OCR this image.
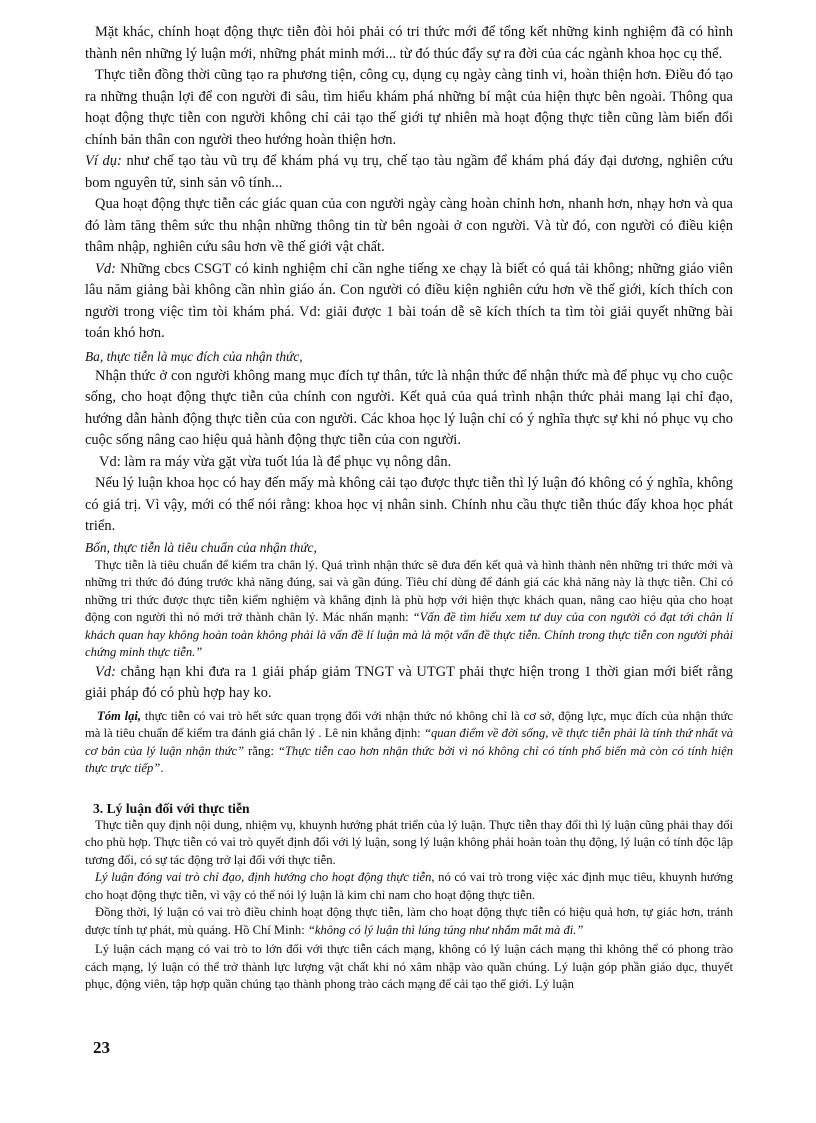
Mặt khác, chính hoạt động thực tiễn đòi hỏi phải có tri thức mới để tổng kết những kinh nghiệm đã có hình thành nên những lý luận mới, những phát minh mới... từ đó thúc đẩy sự ra đời của các ngành khoa học cụ thể.

Thực tiễn đồng thời cũng tạo ra phương tiện, công cụ, dụng cụ ngày càng tinh vi, hoàn thiện hơn. Điều đó tạo ra những thuận lợi để con người đi sâu, tìm hiểu khám phá những bí mật của hiện thực bên ngoài. Thông qua hoạt động thực tiễn con người không chỉ cải tạo thế giới tự nhiên mà hoạt động thực tiễn cũng làm biến đổi chính bản thân con người theo hướng hoàn thiện hơn.

Ví dụ: như chế tạo tàu vũ trụ để khám phá vụ trụ, chế tạo tàu ngầm để khám phá đáy đại dương, nghiên cứu bom nguyên tử, sinh sản vô tính...

Qua hoạt động thực tiễn các giác quan của con người ngày càng hoàn chỉnh hơn, nhanh hơn, nhạy hơn và qua đó làm tăng thêm sức thu nhận những thông tin từ bên ngoài ở con người. Và từ đó, con người có điều kiện thâm nhập, nghiên cứu sâu hơn về thế giới vật chất.

Vd: Những cbcs CSGT có kinh nghiệm chỉ cần nghe tiếng xe chạy là biết có quá tải không; những giáo viên lâu năm giảng bài không cần nhìn giáo án. Con người có điều kiện nghiên cứu hơn về thế giới, kích thích con người trong việc tìm tòi khám phá. Vd: giải được 1 bài toán dễ sẽ kích thích ta tìm tòi giải quyết những bài toán khó hơn.

Ba, thực tiễn là mục đích của nhận thức,

Nhận thức ở con người không mang mục đích tự thân, tức là nhận thức để nhận thức mà để phục vụ cho cuộc sống, cho hoạt động thực tiễn của chính con người. Kết quả của quá trình nhận thức phải mang lại chỉ đạo, hướng dẫn hành động thực tiễn của con người. Các khoa học lý luận chỉ có ý nghĩa thực sự khi nó phục vụ cho cuộc sống nâng cao hiệu quả hành động thực tiễn của con người.

Vd: làm ra máy vừa gặt vừa tuốt lúa là để phục vụ nông dân.

Nếu lý luận khoa học có hay đến mấy mà không cải tạo được thực tiễn thì lý luận đó không có ý nghĩa, không có giá trị. Vì vậy, mới có thể nói rằng: khoa học vị nhân sinh. Chính nhu cầu thực tiễn thúc đẩy khoa học phát triển.

Bốn, thực tiễn là tiêu chuẩn của nhận thức,

Thực tiễn là tiêu chuẩn để kiểm tra chân lý. Quá trình nhận thức sẽ đưa đến kết quả và hình thành nên những tri thức mới và những tri thức đó đúng trước khả năng đúng, sai và gần đúng. Tiêu chí dùng để đánh giá các khả năng này là thực tiễn. Chỉ có những tri thức được thực tiễn kiểm nghiệm và khẳng định là phù hợp với hiện thực khách quan, nâng cao hiệu qủa cho hoạt động con người thì nó mới trở thành chân lý. Mác nhấn mạnh: “Vấn đề tìm hiểu xem tư duy của con người có đạt tới chân lí khách quan hay không hoàn toàn không phải là vấn đề lí luận mà là một vấn đề thực tiễn. Chính trong thực tiễn con người phải chứng minh thực tiễn.”

Vd: chẳng hạn khi đưa ra 1 giải pháp giảm TNGT và UTGT phải thực hiện trong 1 thời gian mới biết rằng giải pháp đó có phù hợp hay ko.

Tóm lại, thực tiễn có vai trò hết sức quan trọng đối với nhận thức nó không chỉ là cơ sở, động lực, mục đích của nhận thức mà là tiêu chuẩn để kiểm tra đánh giá chân lý . Lê nin khẳng định: “quan điểm về đời sống, về thực tiễn phải là tính thứ nhất và cơ bản của lý luận nhận thức” rằng: “Thực tiễn cao hơn nhận thức bởi vì nó không chỉ có tính phổ biến mà còn có tính hiện thực trực tiếp”.

3. Lý luận đối với thực tiễn

Thực tiễn quy định nội dung, nhiệm vụ, khuynh hướng phát triển của lý luận. Thực tiễn thay đổi thì lý luận cũng phải thay đổi cho phù hợp. Thực tiễn có vai trò quyết định đối với lý luận, song lý luận không phải hoàn toàn thụ động, lý luận có tính độc lập tương đối, có sự tác động trở lại đối với thực tiễn.

Lý luận đóng vai trò chỉ đạo, định hướng cho hoạt động thực tiễn, nó có vai trò trong việc xác định mục tiêu, khuynh hướng cho hoạt động thực tiễn, vì vậy có thể nói lý luận là kim chỉ nam cho hoạt động thực tiễn.

Đồng thời, lý luận có vai trò điều chỉnh hoạt động thực tiễn, làm cho hoạt động thực tiễn có hiệu quả hơn, tự giác hơn, tránh được tính tự phát, mù quáng. Hồ Chí Minh: “không có lý luận thì lúng túng như nhắm mắt mà đi.”

Lý luận cách mạng có vai trò to lớn đối với thực tiễn cách mạng, không có lý luận cách mạng thì không thể có phong trào cách mạng, lý luận có thể trở thành lực lượng vật chất khi nó xâm nhập vào quần chúng. Lý luận góp phần giáo dục, thuyết phục, động viên, tập hợp quần chúng tạo thành phong trào cách mạng để cải tạo thế giới. Lý luận

23
